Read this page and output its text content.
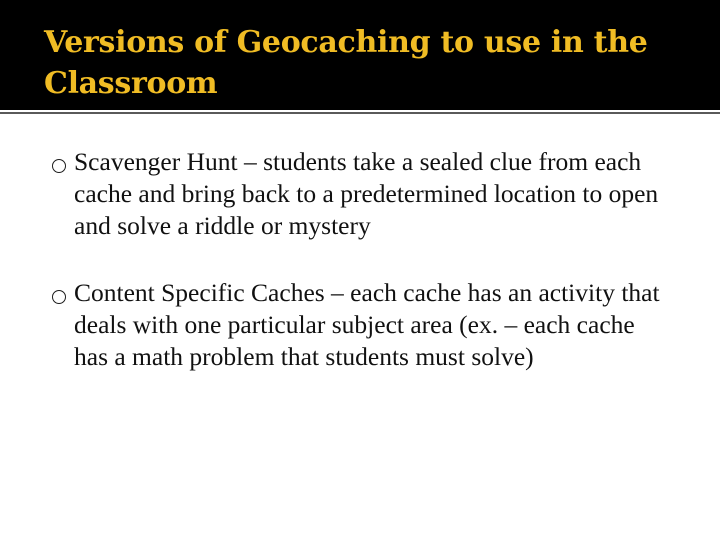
Versions of Geocaching to use in the Classroom
Scavenger Hunt – students take a sealed clue from each cache and bring back to a predetermined location to open and solve a riddle or mystery
Content Specific Caches – each cache has an activity that deals with one particular subject area (ex. – each cache has a math problem that students must solve)
